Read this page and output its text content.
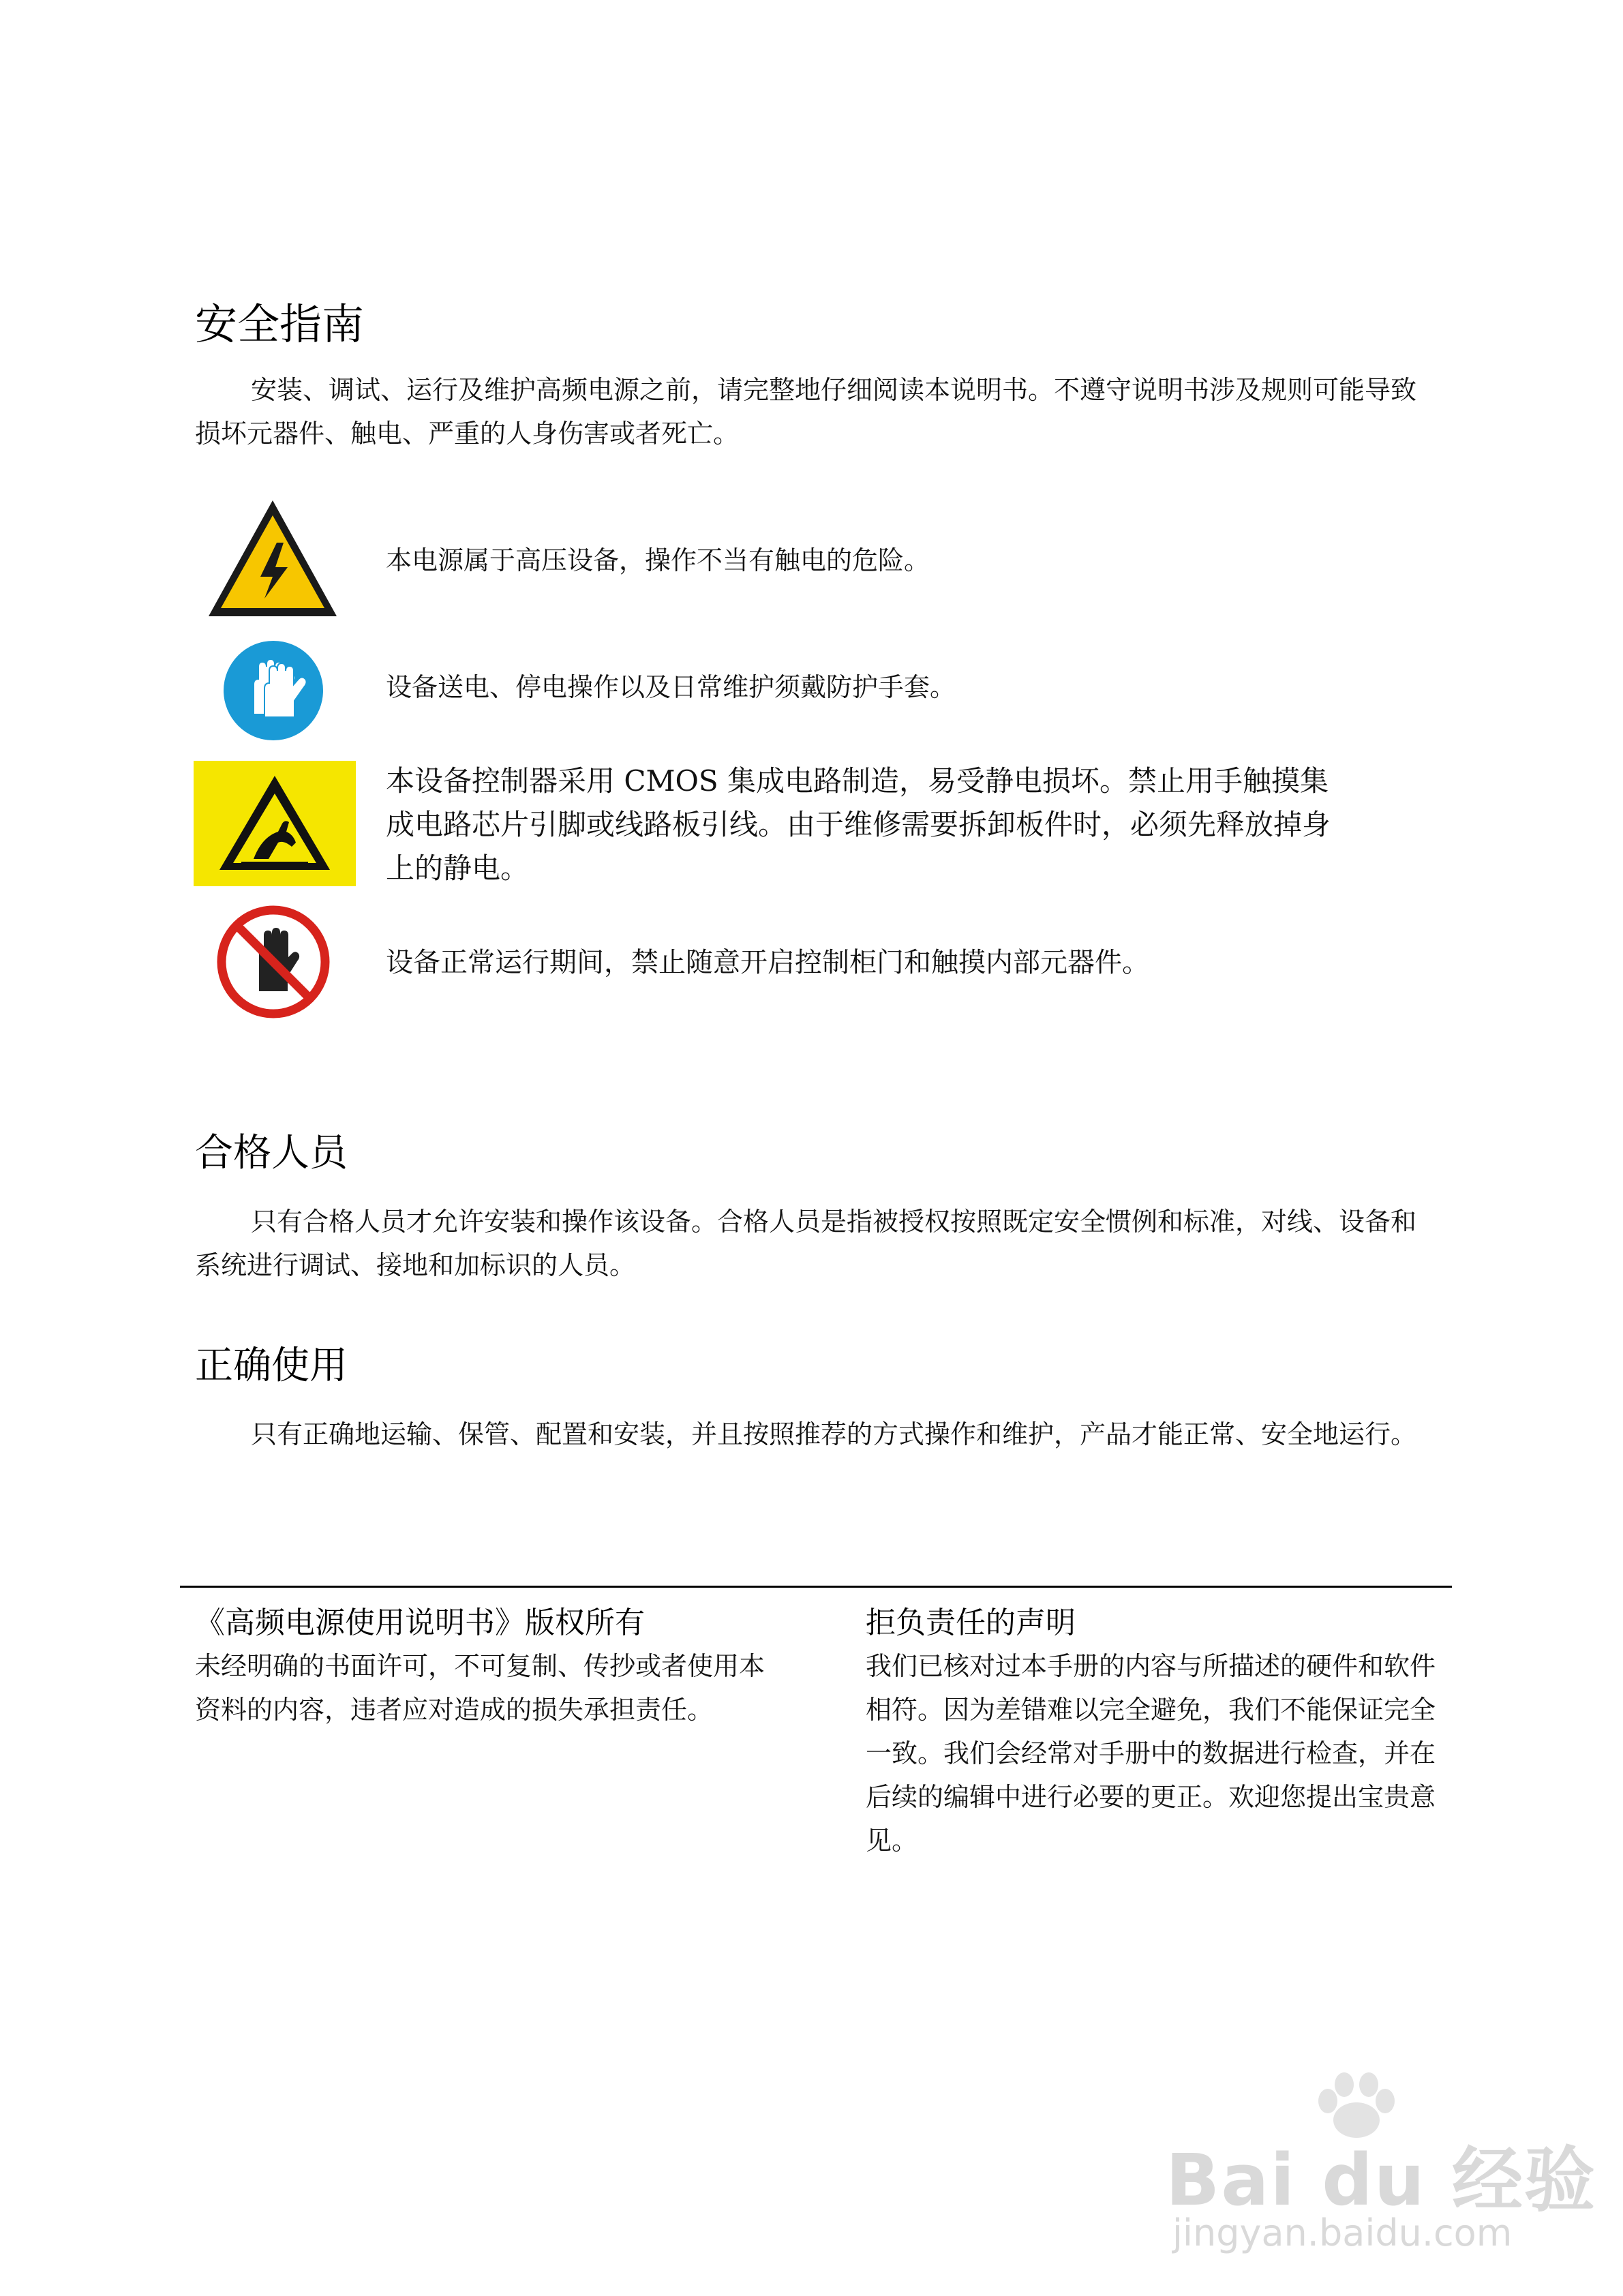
安全指南
安装、调试、运行及维护高频电源之前，请完整地仔细阅读本说明书。不遵守说明书涉及规则可能导致损坏元器件、触电、严重的人身伤害或者死亡。
本电源属于高压设备，操作不当有触电的危险。
设备送电、停电操作以及日常维护须戴防护手套。
本设备控制器采用 CMOS 集成电路制造，易受静电损坏。禁止用手触摸集成电路芯片引脚或线路板引线。由于维修需要拆卸板件时，必须先释放掉身上的静电。
设备正常运行期间，禁止随意开启控制柜门和触摸内部元器件。
合格人员
只有合格人员才允许安装和操作该设备。合格人员是指被授权按照既定安全惯例和标准，对线、设备和系统进行调试、接地和加标识的人员。
正确使用
只有正确地运输、保管、配置和安装，并且按照推荐的方式操作和维护，产品才能正常、安全地运行。
《高频电源使用说明书》版权所有
未经明确的书面许可，不可复制、传抄或者使用本资料的内容，违者应对造成的损失承担责任。
拒负责任的声明
我们已核对过本手册的内容与所描述的硬件和软件相符。因为差错难以完全避免，我们不能保证完全一致。我们会经常对手册中的数据进行检查，并在后续的编辑中进行必要的更正。欢迎您提出宝贵意见。
Bai du 经验
jingyan.baidu.com
